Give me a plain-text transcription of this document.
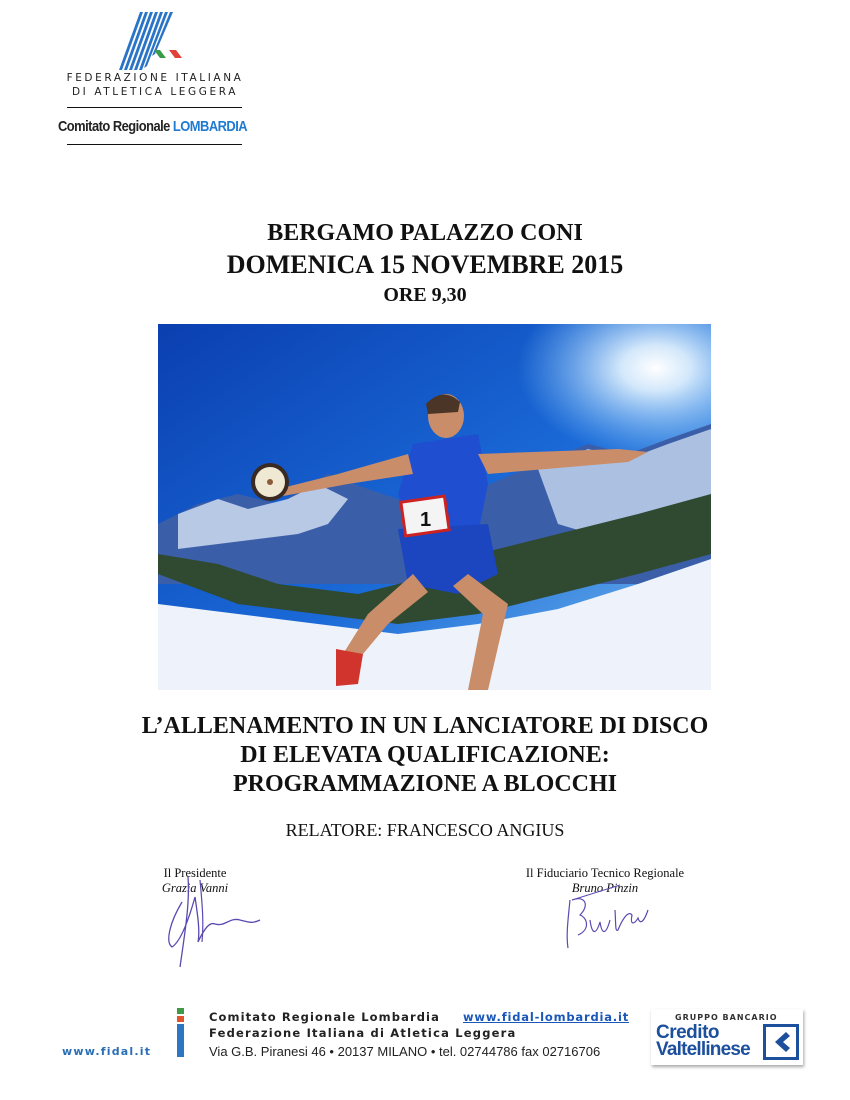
FEDERAZIONE ITALIANA
DI ATLETICA LEGGERA
Comitato Regionale LOMBARDIA
BERGAMO PALAZZO CONI
DOMENICA 15 NOVEMBRE 2015
ORE 9,30
1
L’ALLENAMENTO IN UN LANCIATORE DI DISCO
DI ELEVATA QUALIFICAZIONE:
PROGRAMMAZIONE A BLOCCHI
RELATORE: FRANCESCO ANGIUS
Il Presidente
Grazia Vanni
Il Fiduciario Tecnico Regionale
Bruno Pinzin
www.fidal.it
Comitato Regionale Lombardia www.fidal-lombardia.it
Federazione Italiana di Atletica Leggera
Via G.B. Piranesi 46 • 20137 MILANO • tel. 02744786 fax 02716706
GRUPPO BANCARIO
Credito
Valtellinese
